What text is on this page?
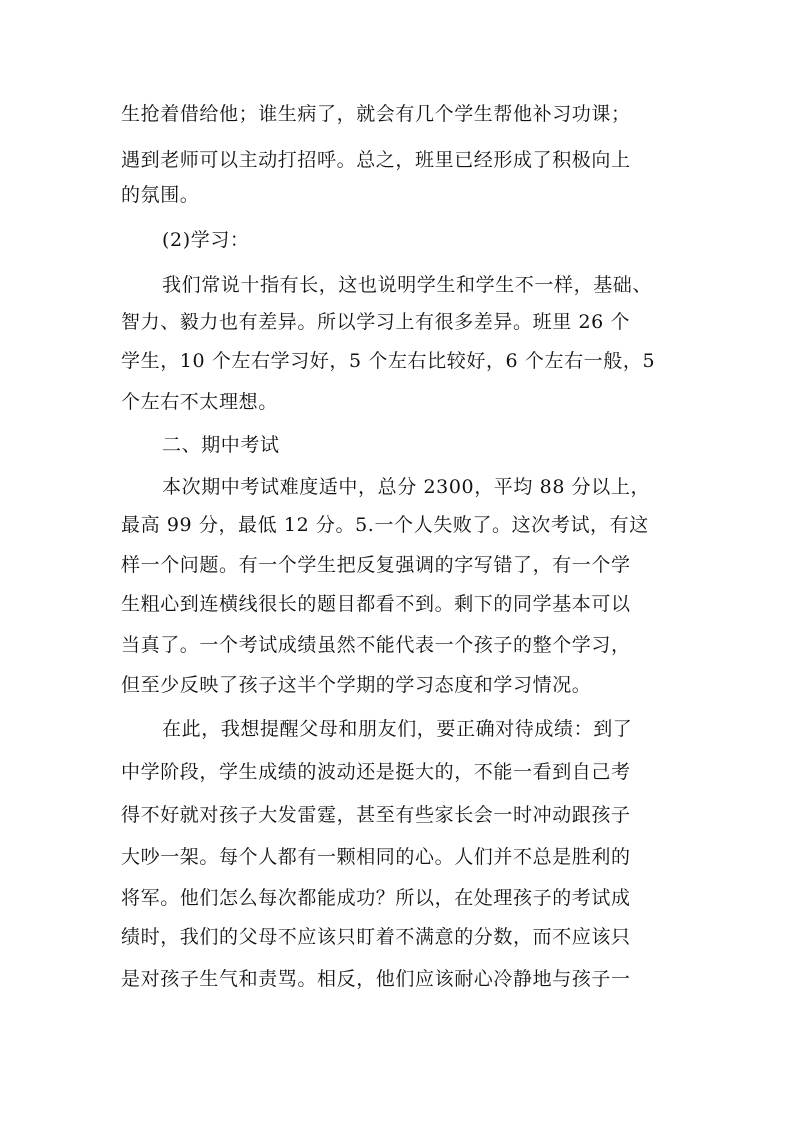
生抢着借给他；谁生病了，就会有几个学生帮他补习功课；
遇到老师可以主动打招呼。总之，班里已经形成了积极向上
的氛围。
(2)学习：
我们常说十指有长，这也说明学生和学生不一样，基础、
智力、毅力也有差异。所以学习上有很多差异。班里 26 个
学生，10 个左右学习好，5 个左右比较好，6 个左右一般，5
个左右不太理想。
二、期中考试
本次期中考试难度适中，总分 2300，平均 88 分以上，
最高 99 分，最低 12 分。5.一个人失败了。这次考试，有这
样一个问题。有一个学生把反复强调的字写错了，有一个学
生粗心到连横线很长的题目都看不到。剩下的同学基本可以
当真了。一个考试成绩虽然不能代表一个孩子的整个学习，
但至少反映了孩子这半个学期的学习态度和学习情况。
在此，我想提醒父母和朋友们，要正确对待成绩：到了
中学阶段，学生成绩的波动还是挺大的，不能一看到自己考
得不好就对孩子大发雷霆，甚至有些家长会一时冲动跟孩子
大吵一架。每个人都有一颗相同的心。人们并不总是胜利的
将军。他们怎么每次都能成功？所以，在处理孩子的考试成
绩时，我们的父母不应该只盯着不满意的分数，而不应该只
是对孩子生气和责骂。相反，他们应该耐心冷静地与孩子一
